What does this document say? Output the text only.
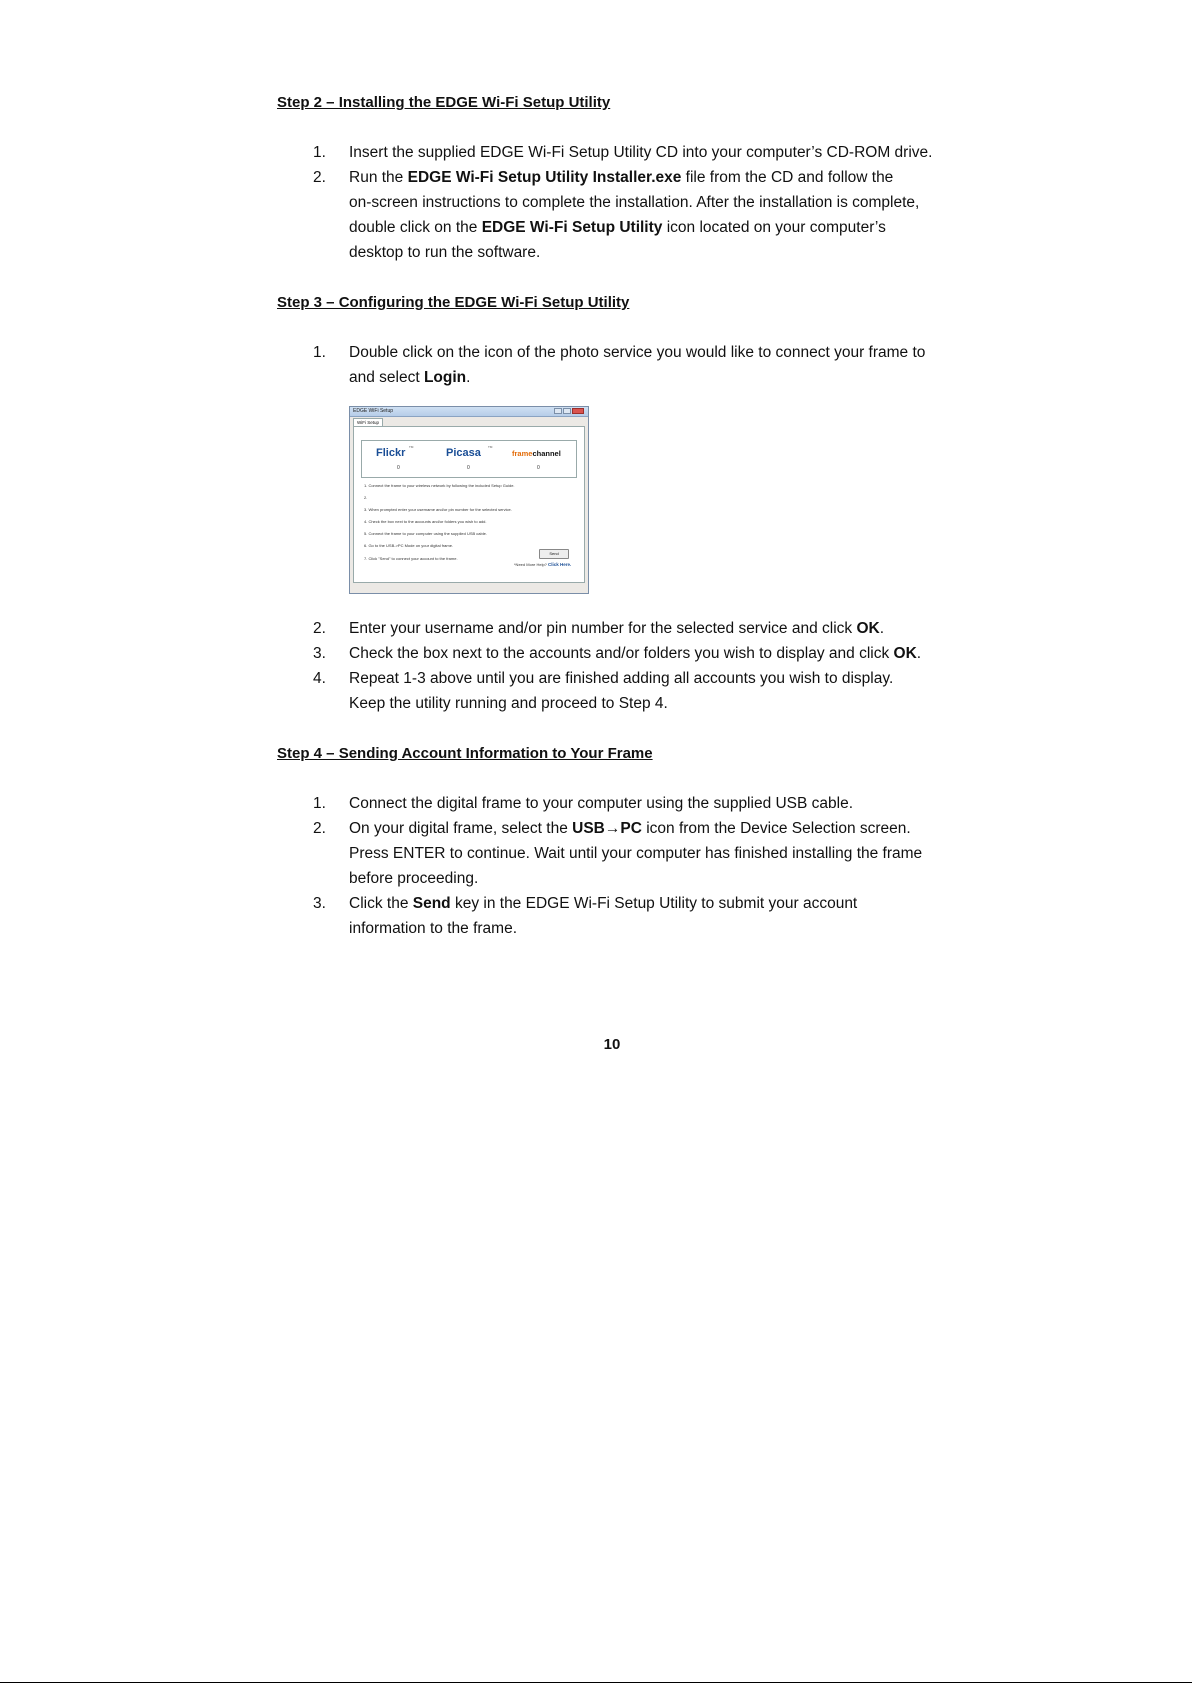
Step 2 – Installing the EDGE Wi-Fi Setup Utility
1. Insert the supplied EDGE Wi-Fi Setup Utility CD into your computer’s CD-ROM drive.
2. Run the EDGE Wi-Fi Setup Utility Installer.exe file from the CD and follow the
on-screen instructions to complete the installation. After the installation is complete,
double click on the EDGE Wi-Fi Setup Utility icon located on your computer’s
desktop to run the software.
Step 3 – Configuring the EDGE Wi-Fi Setup Utility
1. Double click on the icon of the photo service you would like to connect your frame to
and select Login.
EDGE WiFi Setup
WiFi Setup
Flickr TM	Picasa TM
framechannel
0	0	0
1. Connect the frame to your wireless network by following the included Setup Guide.
2.
3. When prompted enter your username and/or pin number for the selected service.
4. Check the box next to the accounts and/or folders you wish to add.
5. Connect the frame to your computer using the supplied USB cable.
6. Go to the USB->PC Mode on your digital frame.
7. Click "Send" to connect your account to the frame.
Send
*Need More Help? Click Here.
2. Enter your username and/or pin number for the selected service and click OK.
3. Check the box next to the accounts and/or folders you wish to display and click OK.
4. Repeat 1-3 above until you are finished adding all accounts you wish to display.
Keep the utility running and proceed to Step 4.
Step 4 – Sending Account Information to Your Frame
1. Connect the digital frame to your computer using the supplied USB cable.
2. On your digital frame, select the USB→PC icon from the Device Selection screen.
Press ENTER to continue. Wait until your computer has finished installing the frame
before proceeding.
3. Click the Send key in the EDGE Wi-Fi Setup Utility to submit your account
information to the frame.
10
